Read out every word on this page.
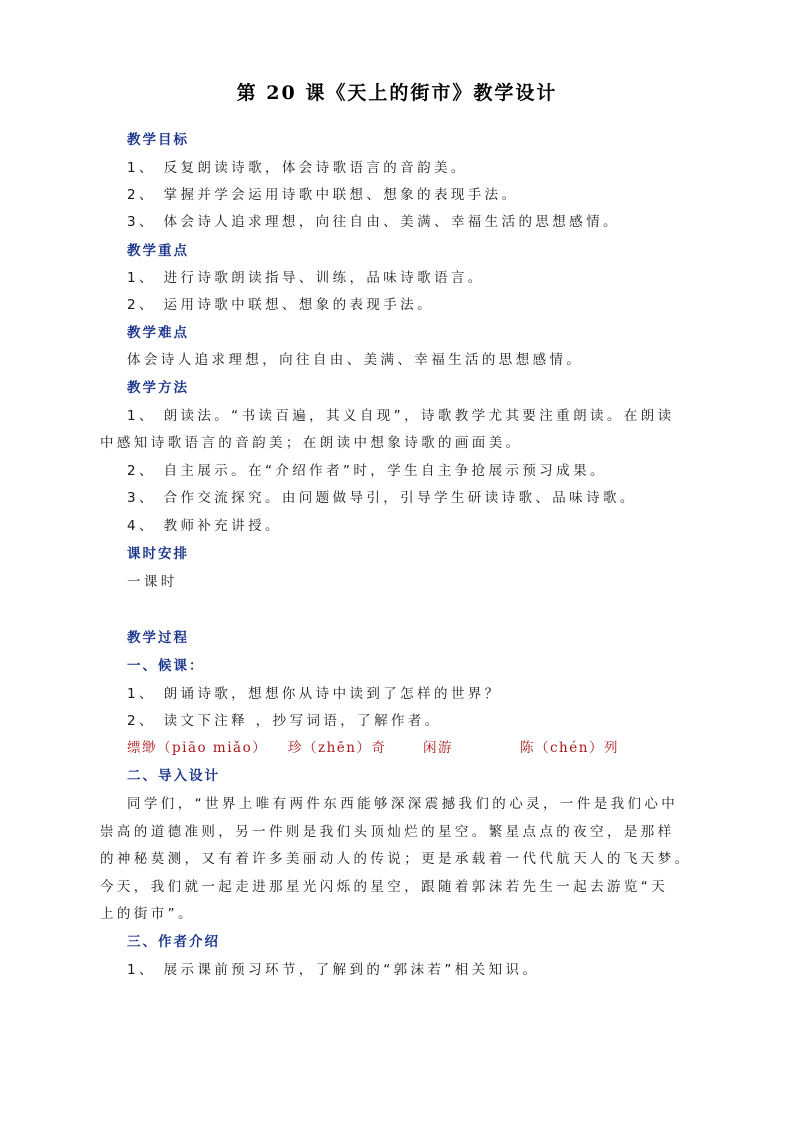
第 20 课《天上的街市》教学设计
教学目标
1、 反复朗读诗歌，体会诗歌语言的音韵美。
2、 掌握并学会运用诗歌中联想、想象的表现手法。
3、 体会诗人追求理想，向往自由、美满、幸福生活的思想感情。
教学重点
1、 进行诗歌朗读指导、训练，品味诗歌语言。
2、 运用诗歌中联想、想象的表现手法。
教学难点
体会诗人追求理想，向往自由、美满、幸福生活的思想感情。
教学方法
1、 朗读法。“书读百遍，其义自现”，诗歌教学尤其要注重朗读。在朗读
中感知诗歌语言的音韵美；在朗读中想象诗歌的画面美。
2、 自主展示。在“介绍作者”时，学生自主争抢展示预习成果。
3、 合作交流探究。由问题做导引，引导学生研读诗歌、品味诗歌。
4、 教师补充讲授。
课时安排
一课时
教学过程
一、候课：
1、 朗诵诗歌，想想你从诗中读到了怎样的世界？
2、 读文下注释 ，抄写词语，了解作者。
缥缈（piāo miǎo） 珍（zhēn）奇	闲游	陈（chén）列
二、导入设计
同学们，“世界上唯有两件东西能够深深震撼我们的心灵，一件是我们心中
崇高的道德准则，另一件则是我们头顶灿烂的星空。繁星点点的夜空，是那样
的神秘莫测，又有着许多美丽动人的传说；更是承载着一代代航天人的飞天梦。
今天，我们就一起走进那星光闪烁的星空，跟随着郭沫若先生一起去游览“天
上的街市”。
三、作者介绍
1、 展示课前预习环节，了解到的“郭沫若”相关知识。
